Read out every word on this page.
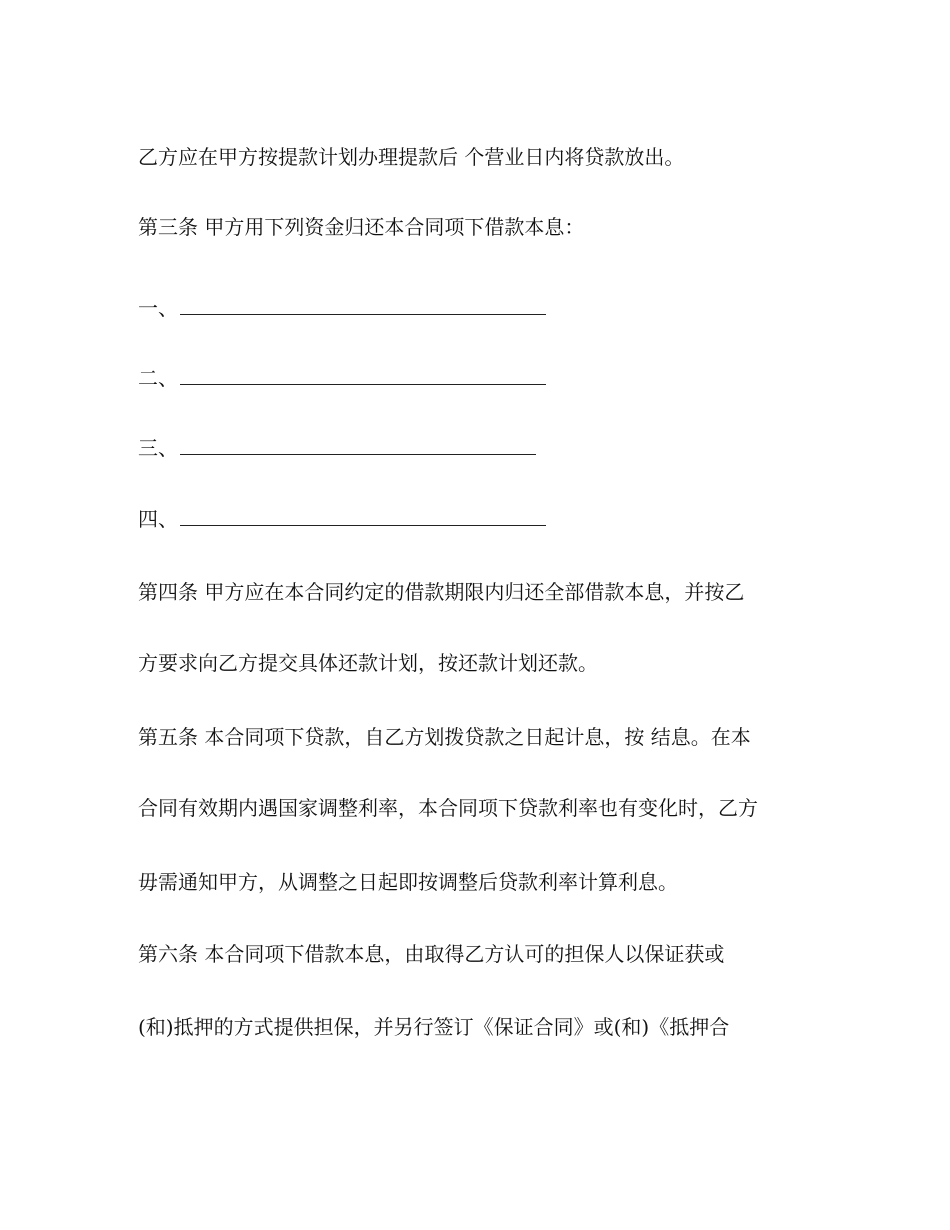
乙方应在甲方按提款计划办理提款后 个营业日内将贷款放出。
第三条 甲方用下列资金归还本合同项下借款本息：
一、
二、
三、
四、
第四条 甲方应在本合同约定的借款期限内归还全部借款本息，并按乙
方要求向乙方提交具体还款计划，按还款计划还款。
第五条 本合同项下贷款，自乙方划拨贷款之日起计息，按 结息。在本
合同有效期内遇国家调整利率，本合同项下贷款利率也有变化时，乙方
毋需通知甲方，从调整之日起即按调整后贷款利率计算利息。
第六条 本合同项下借款本息，由取得乙方认可的担保人以保证获或
(和)抵押的方式提供担保，并另行签订《保证合同》或(和)《抵押合
